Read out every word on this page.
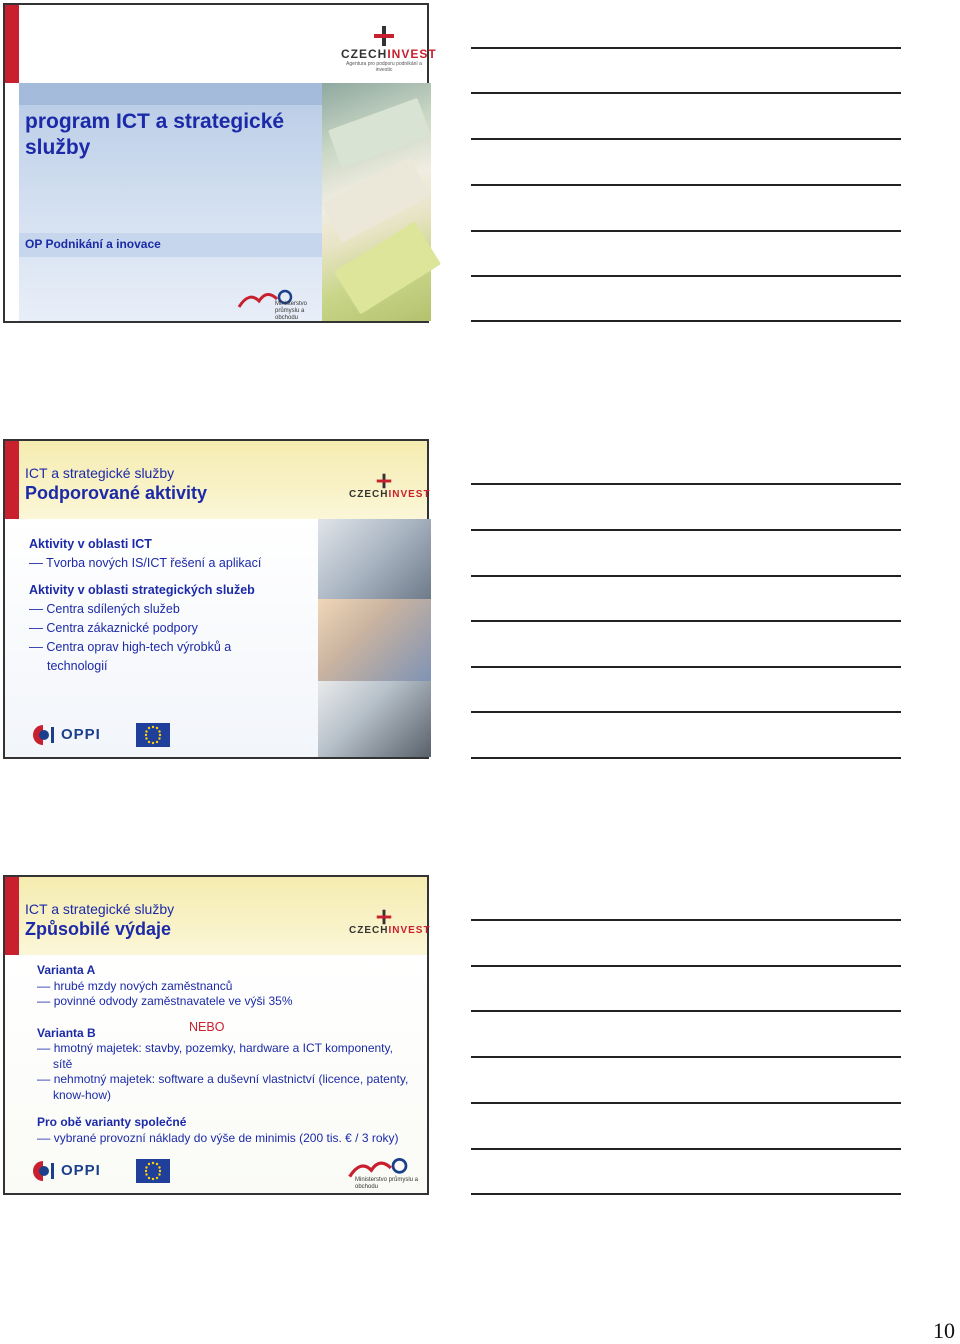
CZECHINVEST
Agentura pro podporu podnikání a investic
program ICT a strategické služby
OP Podnikání a inovace
Ministerstvo průmyslu a obchodu
ICT a strategické služby
Podporované aktivity	CZECHINVEST
Aktivity v oblasti ICT
–– Tvorba nových IS/ICT řešení a aplikací
Aktivity v oblasti strategických služeb
–– Centra sdílených služeb
–– Centra zákaznické podpory
–– Centra oprav high-tech výrobků a technologií
OPPI
ICT a strategické služby
Způsobilé výdaje	CZECHINVEST
Varianta A
–– hrubé mzdy nových zaměstnanců
–– povinné odvody zaměstnavatele ve výši 35%
Varianta B
–– hmotný majetek: stavby, pozemky, hardware a ICT komponenty, sítě
–– nehmotný majetek: software a duševní vlastnictví (licence, patenty, know-how)
Pro obě varianty společné
–– vybrané provozní náklady do výše de minimis (200 tis. € / 3 roky)
NEBO
OPPI
Ministerstvo průmyslu a obchodu
10
